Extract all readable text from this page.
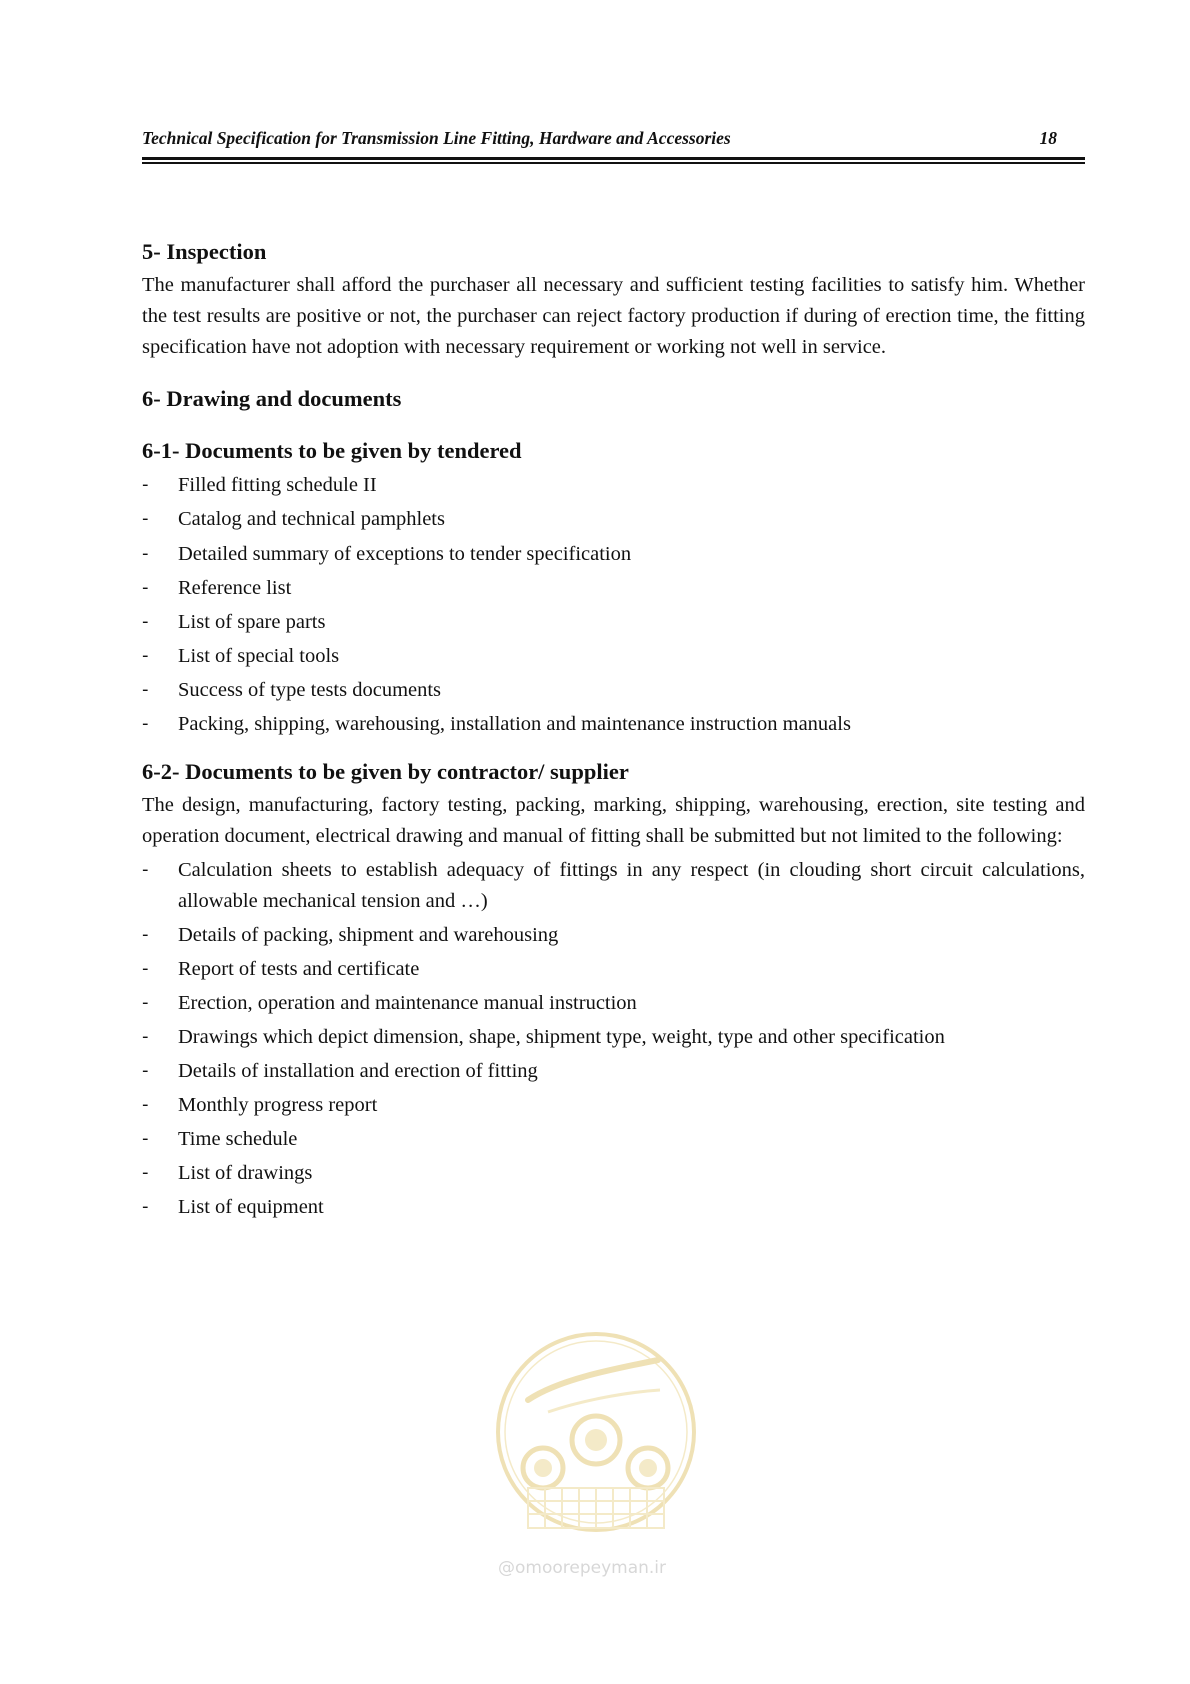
Technical Specification for Transmission Line Fitting, Hardware and Accessories	18
5- Inspection

The manufacturer shall afford the purchaser all necessary and sufficient testing facilities to satisfy him. Whether the test results are positive or not, the purchaser can reject factory production if during of erection time, the fitting specification have not adoption with necessary requirement or working not well in service.

6- Drawing and documents
6-1- Documents to be given by tendered
- Filled fitting schedule II
- Catalog and technical pamphlets
- Detailed summary of exceptions to tender specification
- Reference list
- List of spare parts
- List of special tools
- Success of type tests documents
- Packing, shipping, warehousing, installation and maintenance instruction manuals
6-2- Documents to be given by contractor/ supplier

The design, manufacturing, factory testing, packing, marking, shipping, warehousing, erection, site testing and operation document, electrical drawing and manual of fitting shall be submitted but not limited to the following:

- Calculation sheets to establish adequacy of fittings in any respect (in clouding short circuit calculations, allowable mechanical tension and …)
- Details of packing, shipment and warehousing
- Report of tests and certificate
- Erection, operation and maintenance manual instruction
- Drawings which depict dimension, shape, shipment type, weight, type and other specification
- Details of installation and erection of fitting
- Monthly progress report
- Time schedule
- List of drawings
- List of equipment
@omoorepeyman.ir
